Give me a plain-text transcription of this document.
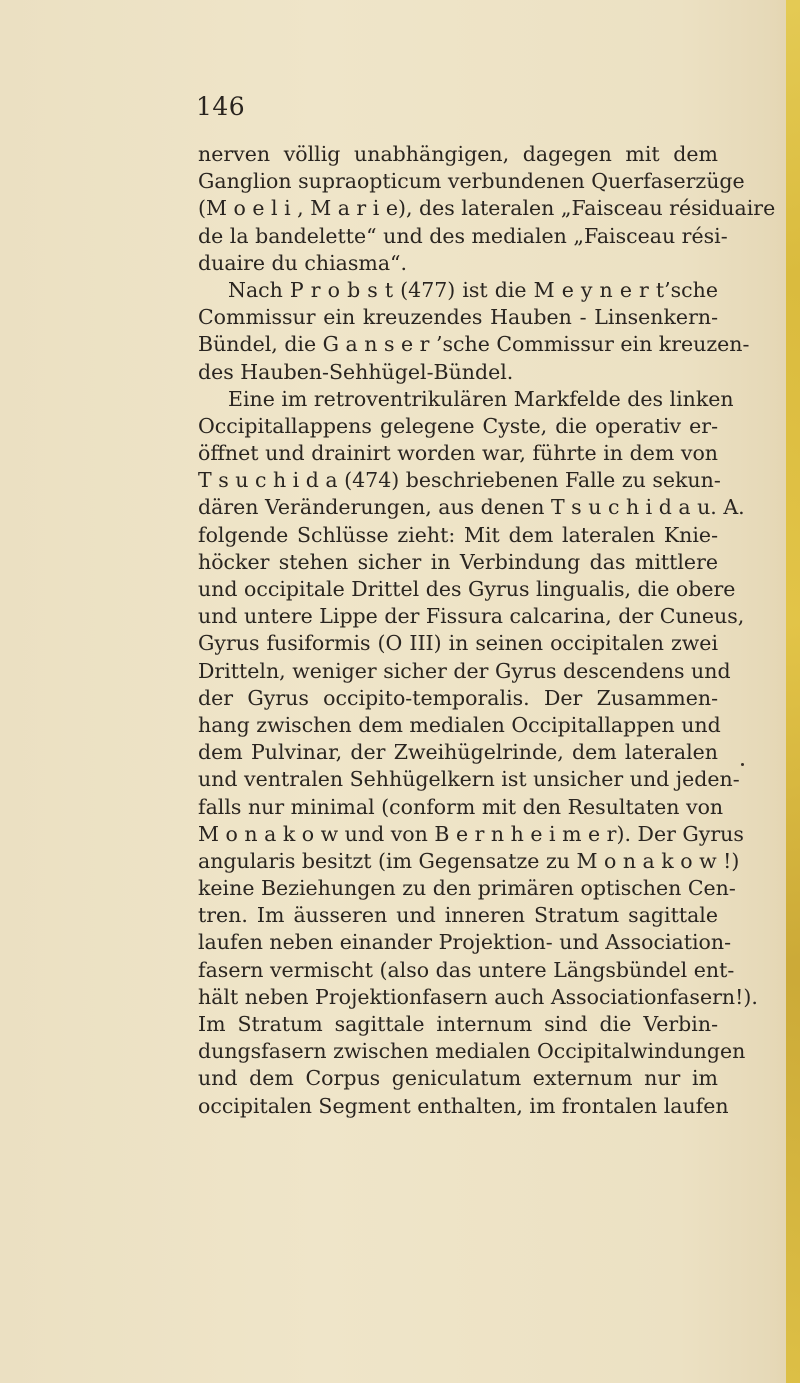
146
nerven völlig unabhängigen, dagegen mit dem
Ganglion supraopticum verbundenen Querfaserzüge
(M o e l i , M a r i e), des lateralen „Faisceau résiduaire
de la bandelette“ und des medialen „Faisceau rési-
duaire du chiasma“.
Nach P r o b s t (477) ist die M e y n e r t’sche
Commissur ein kreuzendes Hauben - Linsenkern-
Bündel, die G a n s e r ’sche Commissur ein kreuzen-
des Hauben-Sehhügel-Bündel.
Eine im retroventrikulären Markfelde des linken
Occipitallappens gelegene Cyste, die operativ er-
öffnet und drainirt worden war, führte in dem von
T s u c h i d a (474) beschriebenen Falle zu sekun-
dären Veränderungen, aus denen T s u c h i d a u. A.
folgende Schlüsse zieht: Mit dem lateralen Knie-
höcker stehen sicher in Verbindung das mittlere
und occipitale Drittel des Gyrus lingualis, die obere
und untere Lippe der Fissura calcarina, der Cuneus,
Gyrus fusiformis (O III) in seinen occipitalen zwei
Dritteln, weniger sicher der Gyrus descendens und
der Gyrus occipito-temporalis. Der Zusammen-
hang zwischen dem medialen Occipitallappen und
dem Pulvinar, der Zweihügelrinde, dem lateralen
und ventralen Sehhügelkern ist unsicher und jeden-
falls nur minimal (conform mit den Resultaten von
M o n a k o w und von B e r n h e i m e r). Der Gyrus
angularis besitzt (im Gegensatze zu M o n a k o w !)
keine Beziehungen zu den primären optischen Cen-
tren. Im äusseren und inneren Stratum sagittale
laufen neben einander Projektion- und Association-
fasern vermischt (also das untere Längsbündel ent-
hält neben Projektionfasern auch Associationfasern!).
Im Stratum sagittale internum sind die Verbin-
dungsfasern zwischen medialen Occipitalwindungen
und dem Corpus geniculatum externum nur im
occipitalen Segment enthalten, im frontalen laufen
